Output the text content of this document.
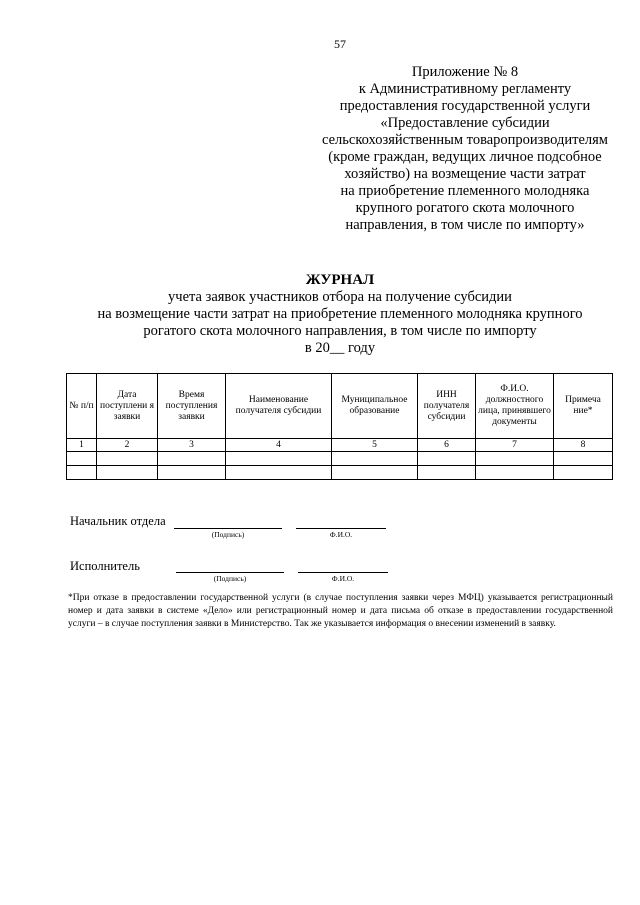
57
Приложение № 8
к Административному регламенту
предоставления государственной услуги
«Предоставление субсидии
сельскохозяйственным товаропроизводителям
(кроме граждан, ведущих личное подсобное
хозяйство) на возмещение части затрат
на приобретение племенного молодняка
крупного рогатого скота молочного
направления, в том числе по импорту»
ЖУРНАЛ
учета заявок участников отбора на получение субсидии
на возмещение части затрат на приобретение племенного молодняка крупного
рогатого скота молочного направления, в том числе по импорту
в 20__ году
№ п/п	Дата поступлени я заявки	Время поступления заявки	Наименование получателя субсидии	Муниципальное образование	ИНН получателя субсидии	Ф.И.О. должностного лица, принявшего документы	Примеча ние*
1	2	3	4	5	6	7	8

Начальник отдела
(Подпись)	Ф.И.О.
Исполнитель
(Подпись)	Ф.И.О.
*При отказе в предоставлении государственной услуги (в случае поступления заявки через МФЦ) указывается регистрационный номер и дата заявки в системе «Дело» или регистрационный номер и дата письма об отказе в предоставлении государственной услуги – в случае поступления заявки в Министерство. Так же указывается информация о внесении изменений в заявку.
